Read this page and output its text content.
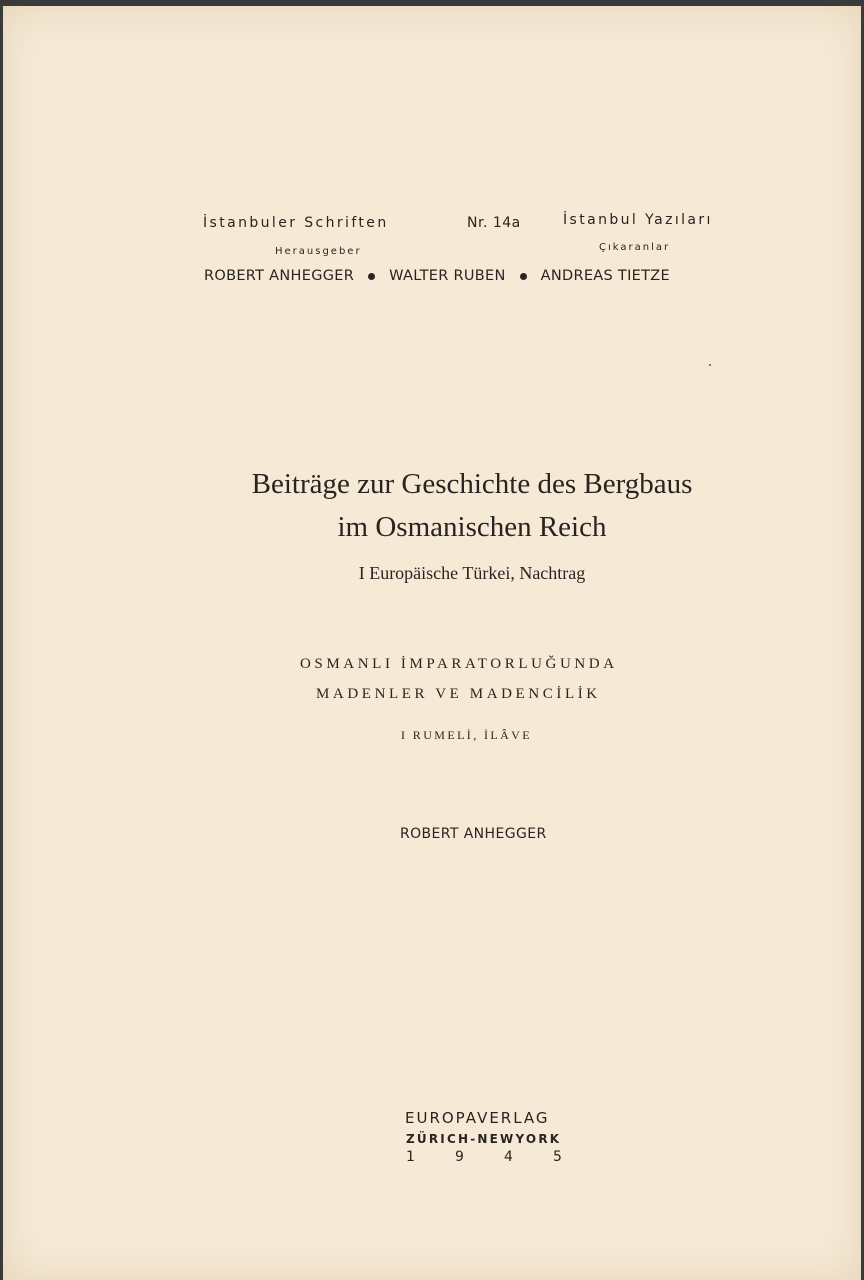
İstanbuler Schriften	Nr. 14a	İstanbul Yazıları
Herausgeber	Çıkaranlar
ROBERT ANHEGGER WALTER RUBEN ANDREAS TIETZE
Beiträge zur Geschichte des Bergbaus
im Osmanischen Reich
I Europäische Türkei, Nachtrag
OSMANLI İMPARATORLUĞUNDA
MADENLER VE MADENCİLİK
I RUMELİ, İLÂVE
ROBERT ANHEGGER
EUROPAVERLAG
ZÜRICH-NEWYORK
1	9	4	5
